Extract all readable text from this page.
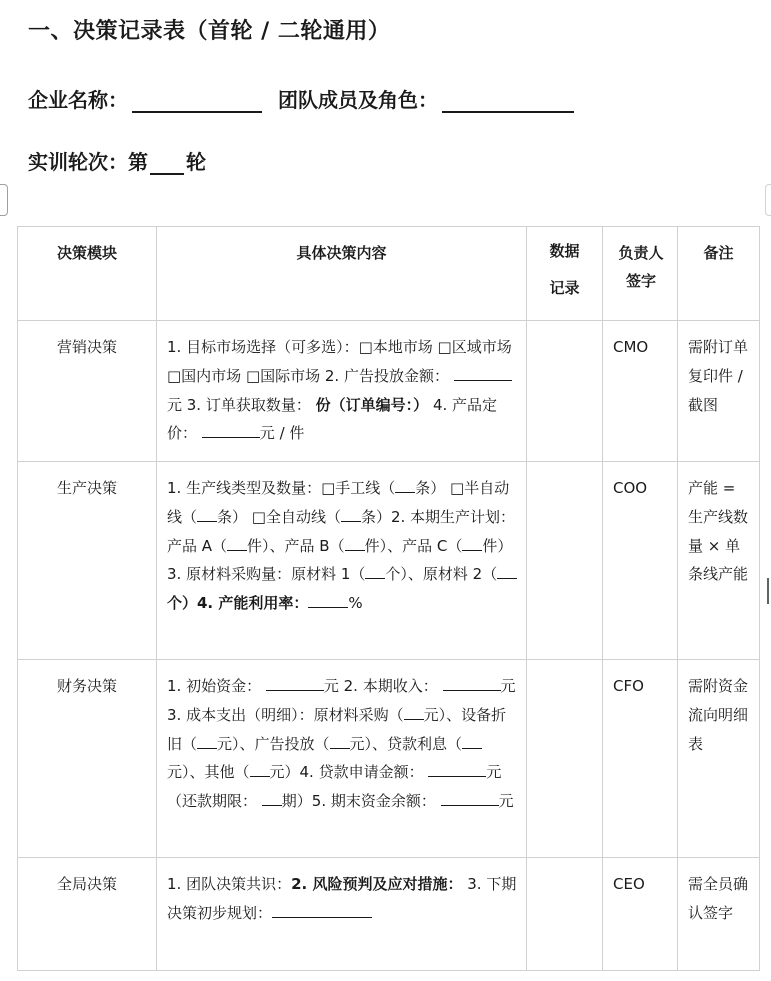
一、决策记录表（首轮 / 二轮通用）
企业名称：	团队成员及角色：
实训轮次：第 轮
决策模块	具体决策内容	数据记录	负责人签字	备注
营销决策	1. 目标市场选择（可多选）：□本地市场 □区域市场 □国内市场 □国际市场 2. 广告投放金额： 元 3. 订单获取数量： 份（订单编号：） 4. 产品定价： 元 / 件		CMO	需附订单复印件 / 截图
生产决策	1. 生产线类型及数量：□手工线（ 条） □半自动线（ 条） □全自动线（ 条）2. 本期生产计划：产品 A（ 件）、产品 B（ 件）、产品 C（ 件）3. 原材料采购量：原材料 1（ 个）、原材料 2（个）4. 产能利用率： %		COO	产能 = 生产线数量 × 单条线产能
财务决策	1. 初始资金： 元 2. 本期收入： 元 3. 成本支出（明细）：原材料采购（ 元）、设备折旧（ 元）、广告投放（ 元）、贷款利息（元）、其他（ 元）4. 贷款申请金额： 元（还款期限： 期）5. 期末资金余额： 元		CFO	需附资金流向明细表
全局决策	1. 团队决策共识：2. 风险预判及应对措施： 3. 下期决策初步规划：		CEO	需全员确认签字
